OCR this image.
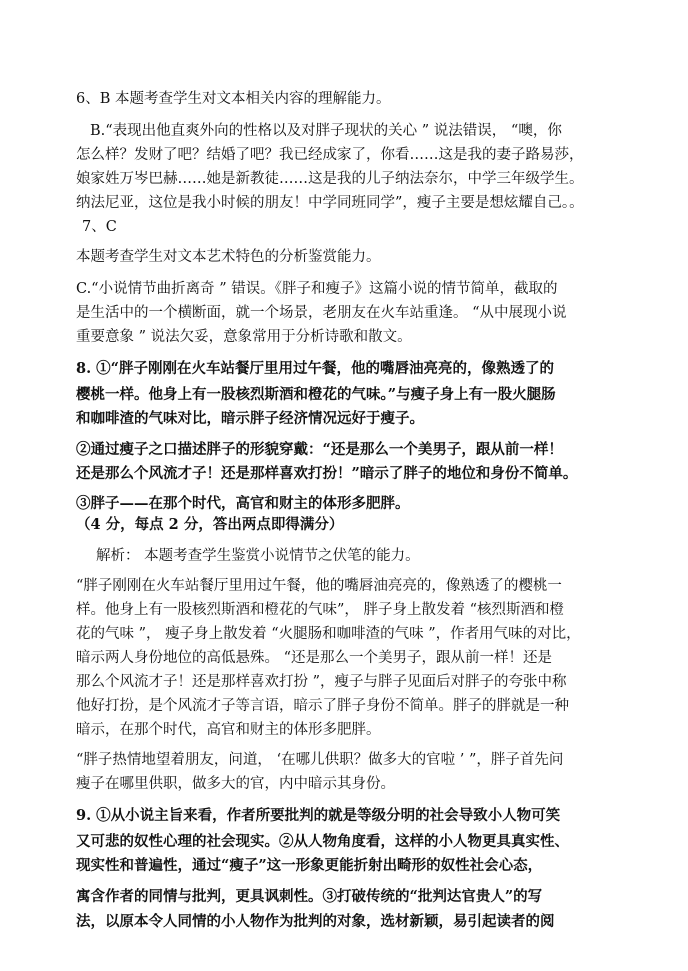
6、B 本题考查学生对文本相关内容的理解能力。
B.“表现出他直爽外向的性格以及对胖子现状的关心 ” 说法错误， “噢，你
怎么样？发财了吧？结婚了吧？我已经成家了，你看……这是我的妻子路易莎，
娘家姓万岑巴赫……她是新教徒……这是我的儿子纳法奈尔，中学三年级学生。
纳法尼亚，这位是我小时候的朋友！中学同班同学”，瘦子主要是想炫耀自己。。
7、C
本题考查学生对文本艺术特色的分析鉴赏能力。
C.“小说情节曲折离奇 ” 错误。《胖子和瘦子》这篇小说的情节简单，截取的
是生活中的一个横断面，就一个场景，老朋友在火车站重逢。 “从中展现小说
重要意象 ” 说法欠妥，意象常用于分析诗歌和散文。
8. ①“胖子刚刚在火车站餐厅里用过午餐，他的嘴唇油亮亮的，像熟透了的
樱桃一样。他身上有一股核烈斯酒和橙花的气味。”与瘦子身上有一股火腿肠
和咖啡渣的气味对比，暗示胖子经济情况远好于瘦子。
②通过瘦子之口描述胖子的形貌穿戴：“还是那么一个美男子，跟从前一样！
还是那么个风流才子！还是那样喜欢打扮！”暗示了胖子的地位和身份不简单。
③胖子——在那个时代，高官和财主的体形多肥胖。
（4 分，每点 2 分，答出两点即得满分）
解析： 本题考查学生鉴赏小说情节之伏笔的能力。
“胖子刚刚在火车站餐厅里用过午餐，他的嘴唇油亮亮的，像熟透了的樱桃一
样。他身上有一股核烈斯酒和橙花的气味”， 胖子身上散发着 “核烈斯酒和橙
花的气味 ”， 瘦子身上散发着 “火腿肠和咖啡渣的气味 ”，作者用气味的对比，
暗示两人身份地位的高低悬殊。 “还是那么一个美男子，跟从前一样！还是
那么个风流才子！还是那样喜欢打扮 ”，瘦子与胖子见面后对胖子的夸张中称
他好打扮，是个风流才子等言语，暗示了胖子身份不简单。胖子的胖就是一种
暗示，在那个时代，高官和财主的体形多肥胖。
“胖子热情地望着朋友，问道， ‘在哪儿供职？做多大的官啦 ’ ”，胖子首先问
瘦子在哪里供职，做多大的官，内中暗示其身份。
9. ①从小说主旨来看，作者所要批判的就是等级分明的社会导致小人物可笑
又可悲的奴性心理的社会现实。②从人物角度看，这样的小人物更具真实性、
现实性和普遍性，通过“瘦子”这一形象更能折射出畸形的奴性社会心态，
寓含作者的同情与批判，更具讽刺性。③打破传统的“批判达官贵人”的写
法，以原本令人同情的小人物作为批判的对象，选材新颖，易引起读者的阅
